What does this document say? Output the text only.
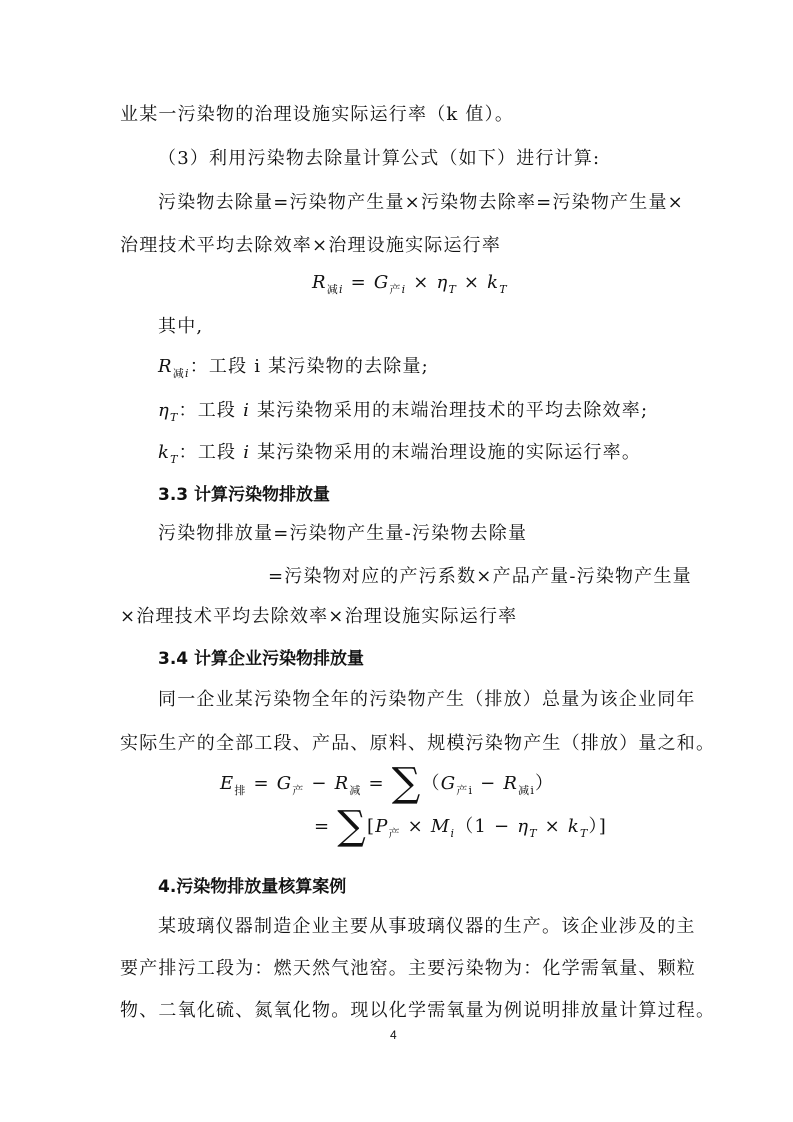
业某一污染物的治理设施实际运行率（k 值）。
（3）利用污染物去除量计算公式（如下）进行计算:
污染物去除量=污染物产生量×污染物去除率=污染物产生量×
治理技术平均去除效率×治理设施实际运行率
$R_{减i} = G_{产i} \times \eta_T \times k_T$
其中,
$R_{减i}$：工段 i 某污染物的去除量;
$\eta_T$：工段 i 某污染物采用的末端治理技术的平均去除效率;
$k_T$：工段 i 某污染物采用的末端治理设施的实际运行率。
3.3 计算污染物排放量
污染物排放量=污染物产生量-污染物去除量
=污染物对应的产污系数×产品产量-污染物产生量
×治理技术平均去除效率×治理设施实际运行率
3.4 计算企业污染物排放量
同一企业某污染物全年的污染物产生（排放）总量为该企业同年
实际生产的全部工段、产品、原料、规模污染物产生（排放）量之和。
$E_排 = G_产 - R_减 = \sum(G_{产i} - R_{减i})$
= $\sum[P_产 \times M_i(1 - \eta_T \times k_T)]$
4.污染物排放量核算案例
某玻璃仪器制造企业主要从事玻璃仪器的生产。该企业涉及的主
要产排污工段为：燃天然气池窑。主要污染物为：化学需氧量、颗粒
物、二氧化硫、氮氧化物。现以化学需氧量为例说明排放量计算过程。
4
